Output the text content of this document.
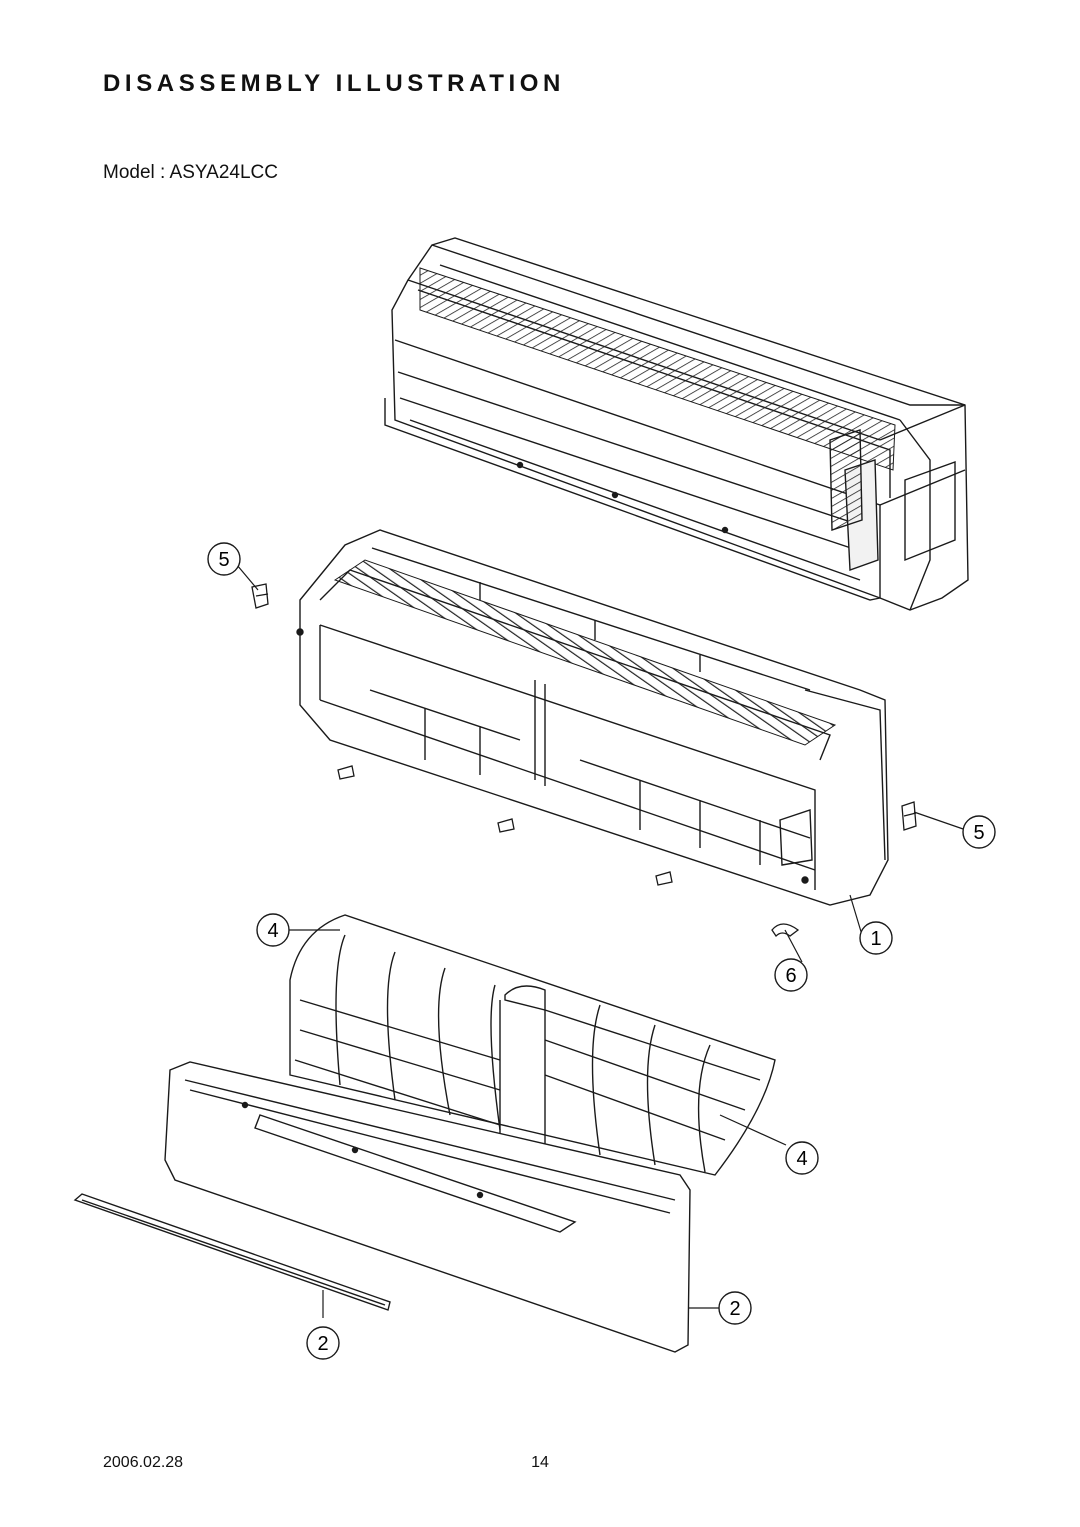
DISASSEMBLY ILLUSTRATION
Model : ASYA24LCC
5
5
4	1
6
4
2
2
2006.02.28	14
